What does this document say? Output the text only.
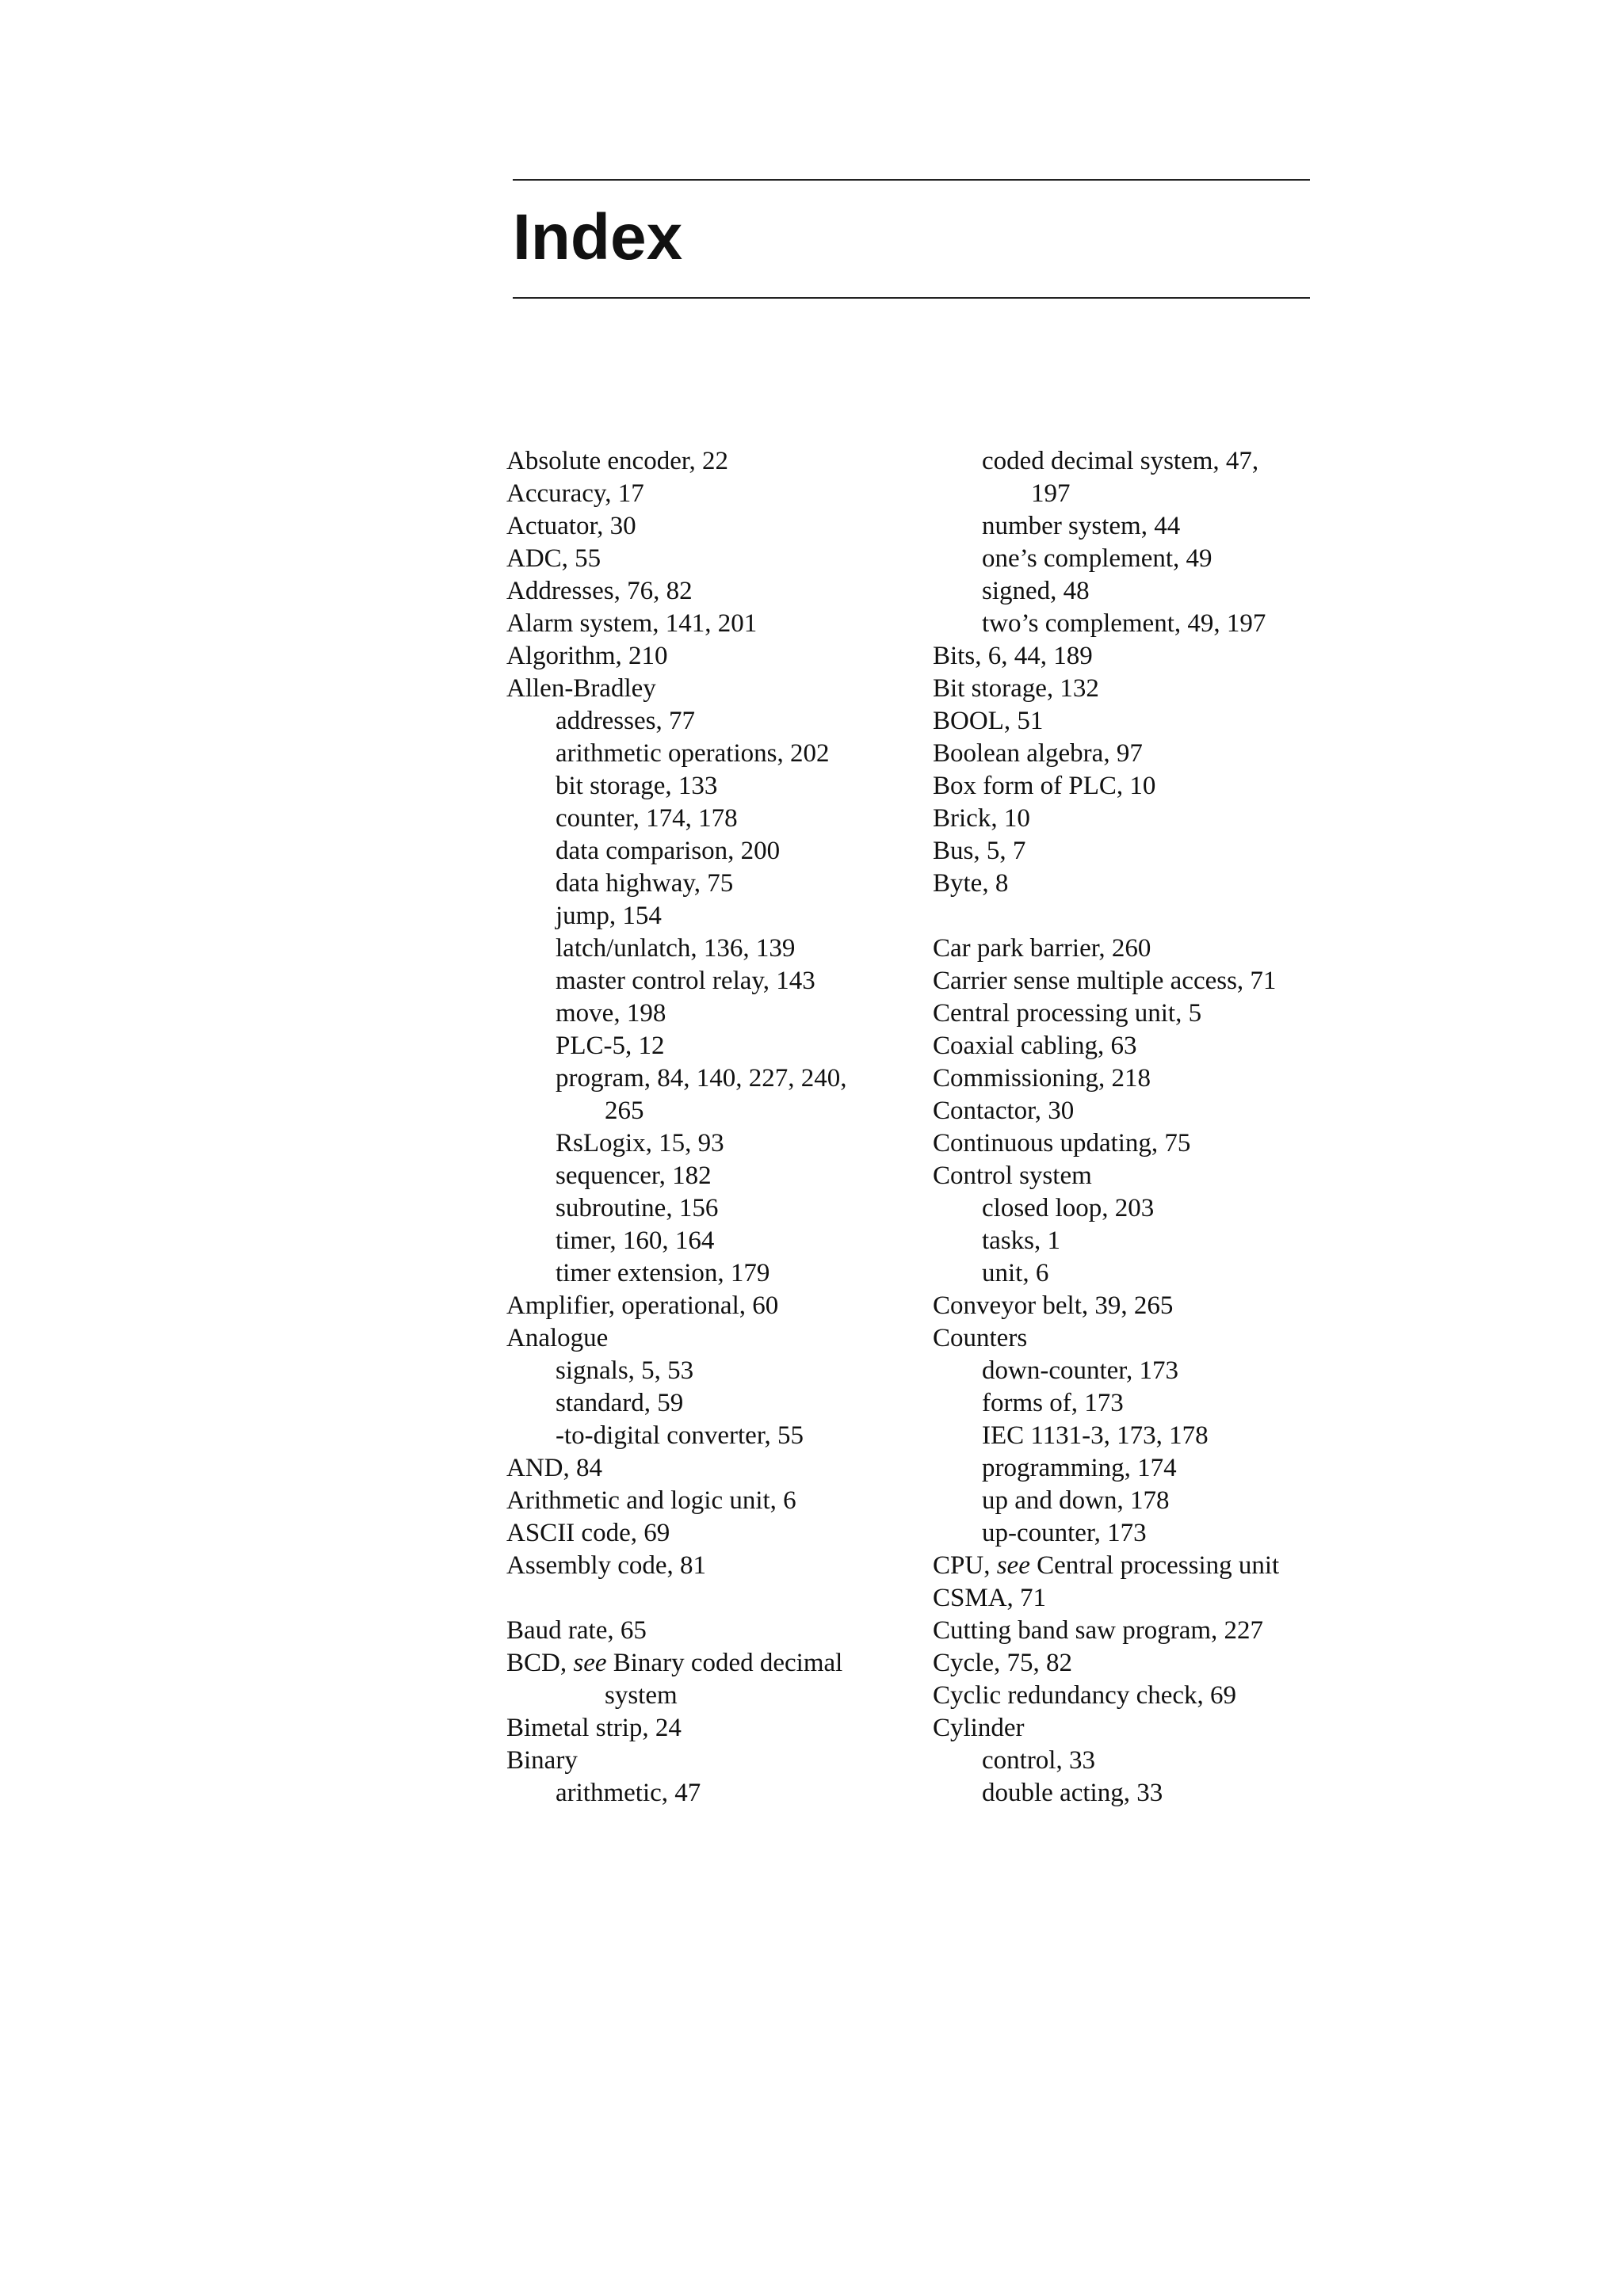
Index
Absolute encoder, 22
Accuracy, 17
Actuator, 30
ADC, 55
Addresses, 76, 82
Alarm system, 141, 201
Algorithm, 210
Allen-Bradley
addresses, 77
arithmetic operations, 202
bit storage, 133
counter, 174, 178
data comparison, 200
data highway, 75
jump, 154
latch/unlatch, 136, 139
master control relay, 143
move, 198
PLC-5, 12
program, 84, 140, 227, 240,
265
RsLogix, 15, 93
sequencer, 182
subroutine, 156
timer, 160, 164
timer extension, 179
Amplifier, operational, 60
Analogue
signals, 5, 53
standard, 59
-to-digital converter, 55
AND, 84
Arithmetic and logic unit, 6
ASCII code, 69
Assembly code, 81
Baud rate, 65
BCD, see Binary coded decimal
system
Bimetal strip, 24
Binary
arithmetic, 47
coded decimal system, 47,
197
number system, 44
one’s complement, 49
signed, 48
two’s complement, 49, 197
Bits, 6, 44, 189
Bit storage, 132
BOOL, 51
Boolean algebra, 97
Box form of PLC, 10
Brick, 10
Bus, 5, 7
Byte, 8
Car park barrier, 260
Carrier sense multiple access, 71
Central processing unit, 5
Coaxial cabling, 63
Commissioning, 218
Contactor, 30
Continuous updating, 75
Control system
closed loop, 203
tasks, 1
unit, 6
Conveyor belt, 39, 265
Counters
down-counter, 173
forms of, 173
IEC 1131-3, 173, 178
programming, 174
up and down, 178
up-counter, 173
CPU, see Central processing unit
CSMA, 71
Cutting band saw program, 227
Cycle, 75, 82
Cyclic redundancy check, 69
Cylinder
control, 33
double acting, 33
